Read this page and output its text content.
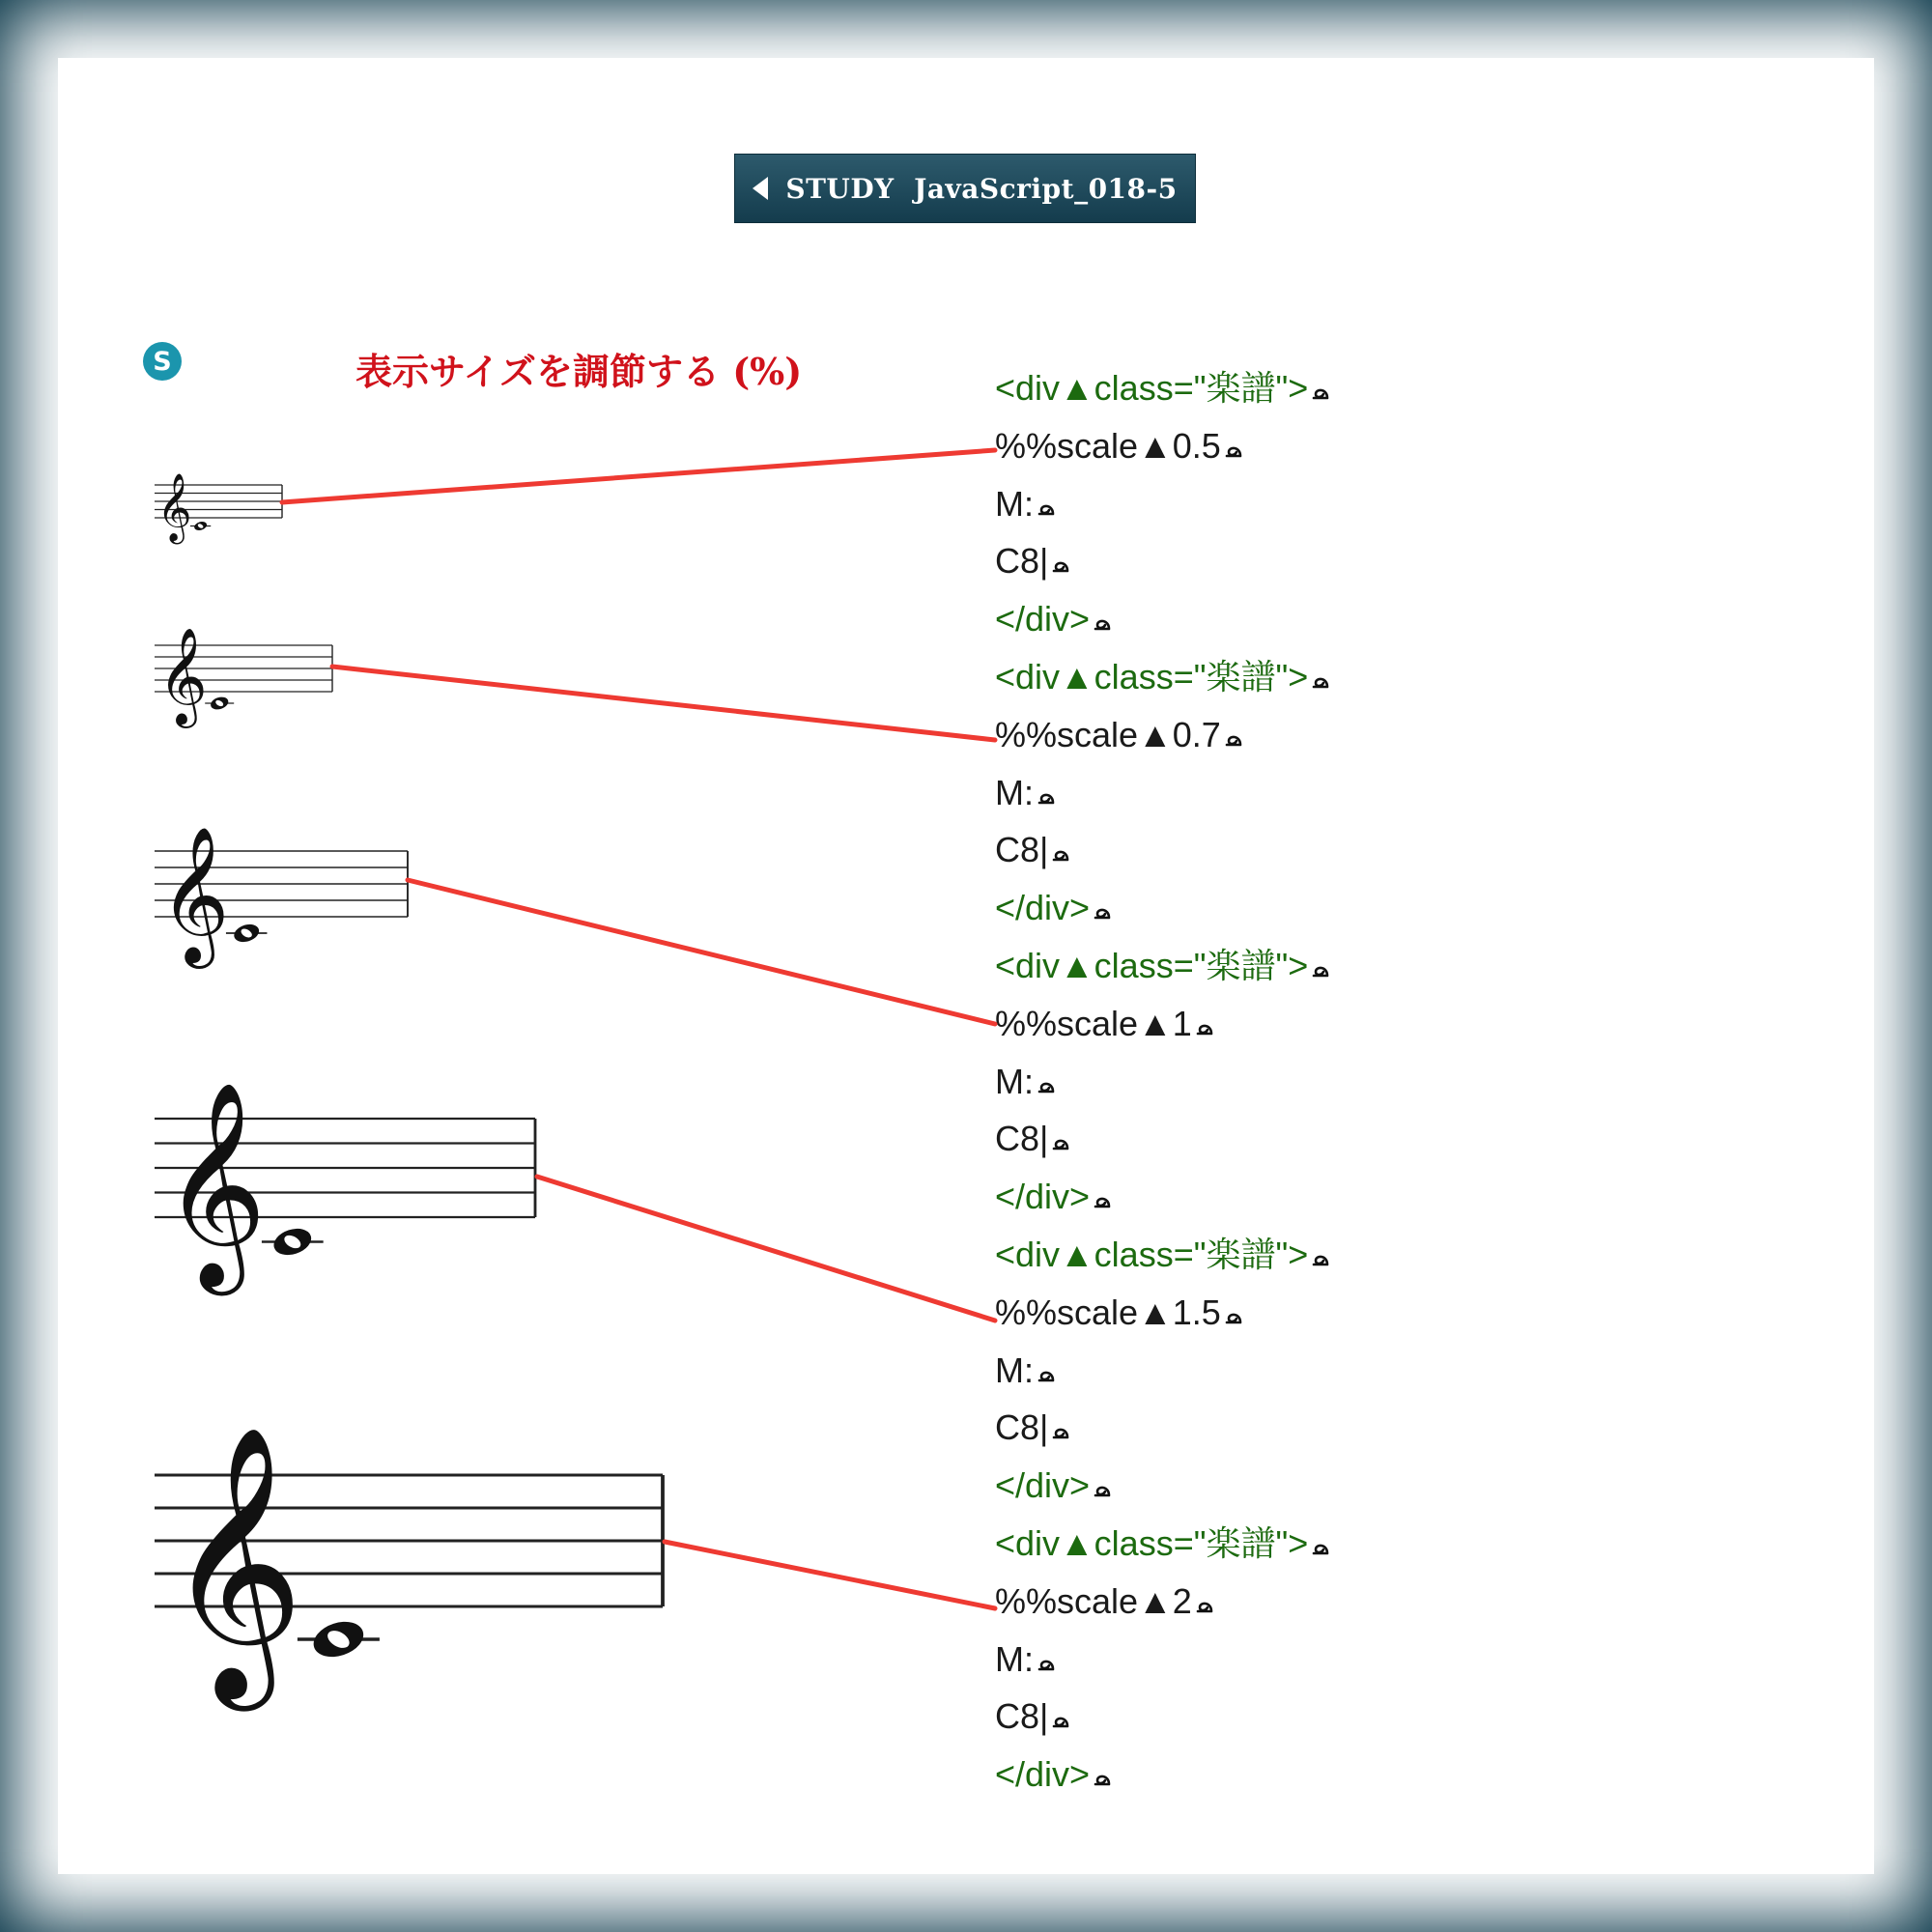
STUDY  JavaScript_018-5
S	表示サイズを調節する (%)	<div▲class="楽譜">
%%scale▲0.5
M:
C8|
</div>
<div▲class="楽譜">
%%scale▲0.7
M:
C8|
</div>
<div▲class="楽譜">
%%scale▲1
M:
C8|
</div>
<div▲class="楽譜">
%%scale▲1.5
M:
C8|
</div>
<div▲class="楽譜">
%%scale▲2
M:
C8|
</div>
𝄞
𝄞
𝄞
𝄞
𝄞
